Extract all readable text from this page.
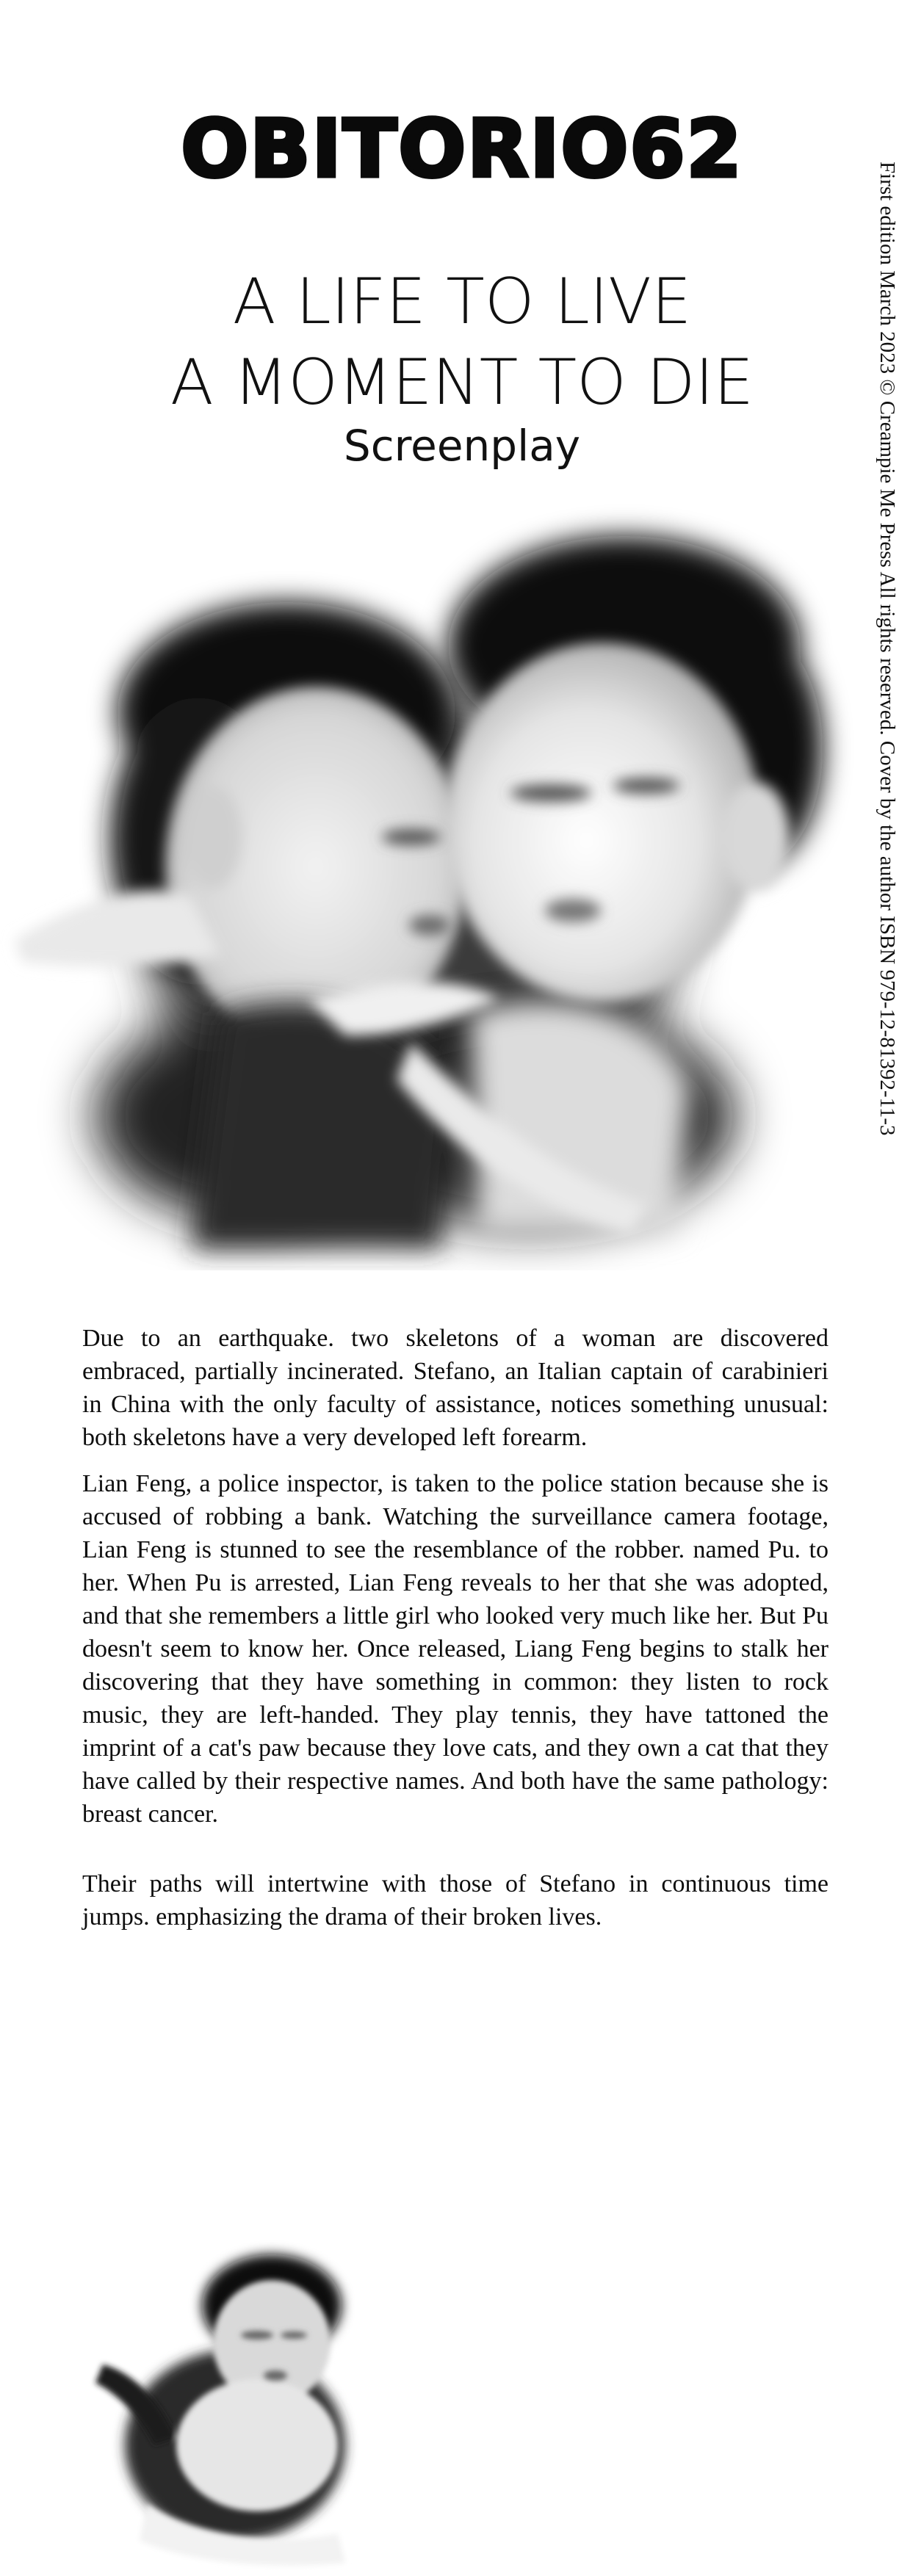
OBITORIO62
A LIFE TO LIVE
A MOMENT TO DIE
Screenplay	First edition March 2023 © Creampie Me Press All rights reserved. Cover by the author ISBN 979-12-81392-11-3

Due to an earthquake. two skeletons of a woman are discovered embraced, partially incinerated. Stefano, an Italian captain of carabinieri in China with the only faculty of assistance, notices something unusual: both skeletons have a very developed left forearm.

Lian Feng, a police inspector, is taken to the police station because she is accused of robbing a bank. Watching the surveillance camera footage, Lian Feng is stunned to see the resemblance of the robber. named Pu. to her. When Pu is arrested, Lian Feng reveals to her that she was adopted, and that she remembers a little girl who looked very much like her. But Pu doesn't seem to know her. Once released, Liang Feng begins to stalk her discovering that they have something in common: they listen to rock music, they are left-handed. They play tennis, they have tattoned the imprint of a cat's paw because they love cats, and they own a cat that they have called by their respective names. And both have the same pathology: breast cancer.

Their paths will intertwine with those of Stefano in continuous time jumps. emphasizing the drama of their broken lives.
